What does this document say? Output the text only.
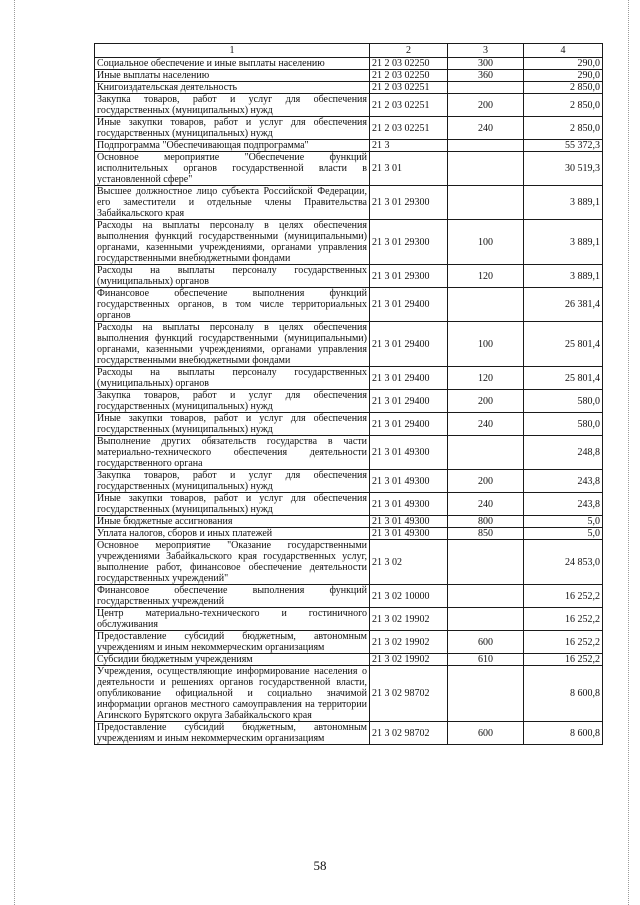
1	2	3	4
Социальное обеспечение и иные выплаты населению	21 2 03 02250	300	290,0
Иные выплаты населению	21 2 03 02250	360	290,0
Книгоиздательская деятельность	21 2 03 02251		2 850,0
Закупка товаров, работ и услуг для обеспечения государственных (муниципальных) нужд	21 2 03 02251	200	2 850,0
Иные закупки товаров, работ и услуг для обеспечения государственных (муниципальных) нужд	21 2 03 02251	240	2 850,0
Подпрограмма "Обеспечивающая подпрограмма"	21 3		55 372,3
Основное мероприятие "Обеспечение функций исполнительных органов государственной власти в установленной сфере"	21 3 01		30 519,3
Высшее должностное лицо субъекта Российской Федерации, его заместители и отдельные члены Правительства Забайкальского края	21 3 01 29300		3 889,1
Расходы на выплаты персоналу в целях обеспечения выполнения функций государственными (муниципальными) органами, казенными учреждениями, органами управления государственными внебюджетными фондами	21 3 01 29300	100	3 889,1
Расходы на выплаты персоналу государственных (муниципальных) органов	21 3 01 29300	120	3 889,1
Финансовое обеспечение выполнения функций государственных органов, в том числе территориальных органов	21 3 01 29400		26 381,4
Расходы на выплаты персоналу в целях обеспечения выполнения функций государственными (муниципальными) органами, казенными учреждениями, органами управления государственными внебюджетными фондами	21 3 01 29400	100	25 801,4
Расходы на выплаты персоналу государственных (муниципальных) органов	21 3 01 29400	120	25 801,4
Закупка товаров, работ и услуг для обеспечения государственных (муниципальных) нужд	21 3 01 29400	200	580,0
Иные закупки товаров, работ и услуг для обеспечения государственных (муниципальных) нужд	21 3 01 29400	240	580,0
Выполнение других обязательств государства в части материально-технического обеспечения деятельности государственного органа	21 3 01 49300		248,8
Закупка товаров, работ и услуг для обеспечения государственных (муниципальных) нужд	21 3 01 49300	200	243,8
Иные закупки товаров, работ и услуг для обеспечения государственных (муниципальных) нужд	21 3 01 49300	240	243,8
Иные бюджетные ассигнования	21 3 01 49300	800	5,0
Уплата налогов, сборов и иных платежей	21 3 01 49300	850	5,0
Основное мероприятие "Оказание государственными учреждениями Забайкальского края государственных услуг, выполнение работ, финансовое обеспечение деятельности государственных учреждений"	21 3 02		24 853,0
Финансовое обеспечение выполнения функций государственных учреждений	21 3 02 10000		16 252,2
Центр материально-технического и гостиничного обслуживания	21 3 02 19902		16 252,2
Предоставление субсидий бюджетным, автономным учреждениям и иным некоммерческим организациям	21 3 02 19902	600	16 252,2
Субсидии бюджетным учреждениям	21 3 02 19902	610	16 252,2
Учреждения, осуществляющие информирование населения о деятельности и решениях органов государственной власти, опубликование официальной и социально значимой информации органов местного самоуправления на территории Агинского Бурятского округа Забайкальского края	21 3 02 98702		8 600,8
Предоставление субсидий бюджетным, автономным учреждениям и иным некоммерческим организациям	21 3 02 98702	600	8 600,8
58
